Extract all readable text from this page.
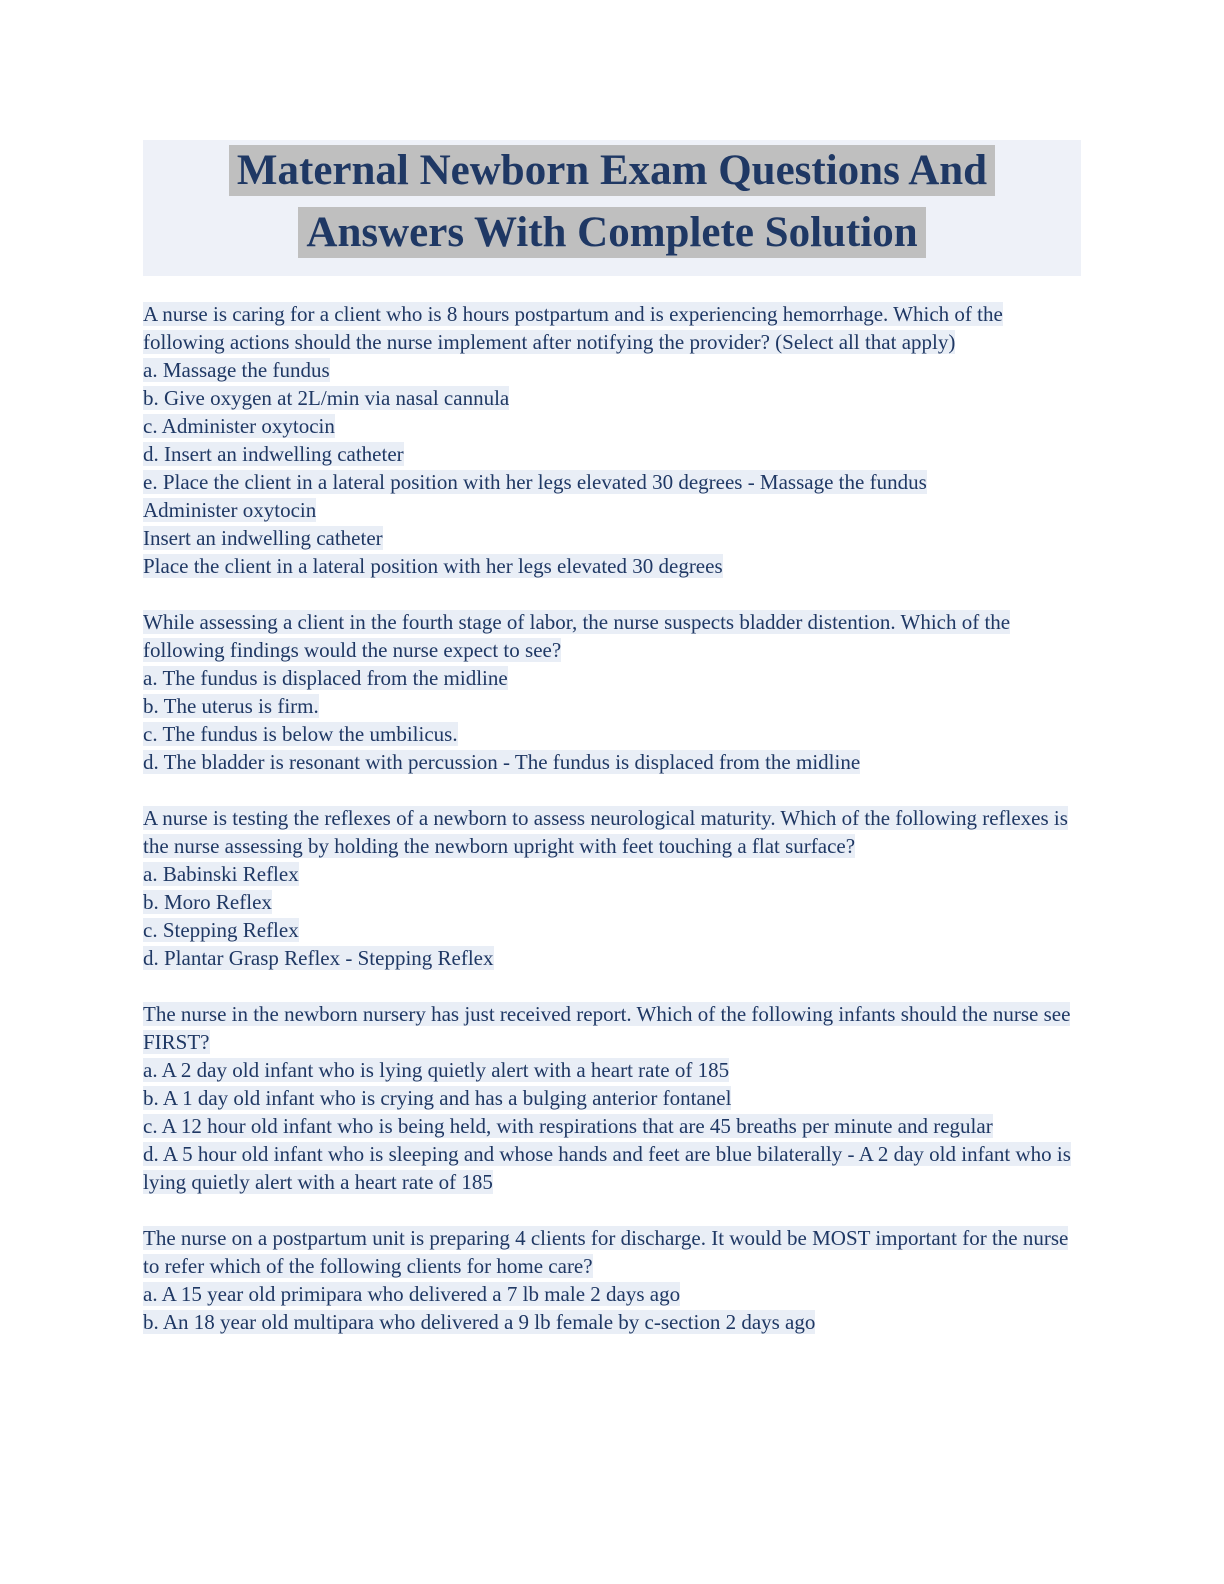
Maternal Newborn Exam Questions And
Answers With Complete Solution
A nurse is caring for a client who is 8 hours postpartum and is experiencing hemorrhage. Which of the following actions should the nurse implement after notifying the provider? (Select all that apply)
a. Massage the fundus
b. Give oxygen at 2L/min via nasal cannula
c. Administer oxytocin
d. Insert an indwelling catheter
e. Place the client in a lateral position with her legs elevated 30 degrees - Massage the fundus
Administer oxytocin
Insert an indwelling catheter
Place the client in a lateral position with her legs elevated 30 degrees
While assessing a client in the fourth stage of labor, the nurse suspects bladder distention. Which of the following findings would the nurse expect to see?
a. The fundus is displaced from the midline
b. The uterus is firm.
c. The fundus is below the umbilicus.
d. The bladder is resonant with percussion - The fundus is displaced from the midline
A nurse is testing the reflexes of a newborn to assess neurological maturity. Which of the following reflexes is the nurse assessing by holding the newborn upright with feet touching a flat surface?
a. Babinski Reflex
b. Moro Reflex
c. Stepping Reflex
d. Plantar Grasp Reflex - Stepping Reflex
The nurse in the newborn nursery has just received report. Which of the following infants should the nurse see FIRST?
a. A 2 day old infant who is lying quietly alert with a heart rate of 185
b. A 1 day old infant who is crying and has a bulging anterior fontanel
c. A 12 hour old infant who is being held, with respirations that are 45 breaths per minute and regular
d. A 5 hour old infant who is sleeping and whose hands and feet are blue bilaterally - A 2 day old infant who is lying quietly alert with a heart rate of 185
The nurse on a postpartum unit is preparing 4 clients for discharge. It would be MOST important for the nurse to refer which of the following clients for home care?
a. A 15 year old primipara who delivered a 7 lb male 2 days ago
b. An 18 year old multipara who delivered a 9 lb female by c-section 2 days ago
